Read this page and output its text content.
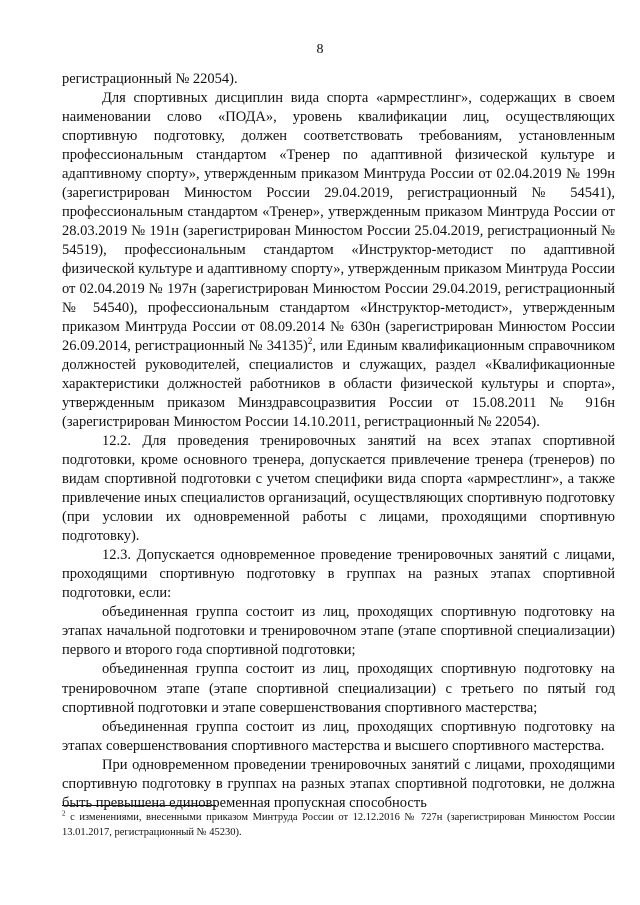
8

регистрационный № 22054).

Для спортивных дисциплин вида спорта «армрестлинг», содержащих в своем наименовании слово «ПОДА», уровень квалификации лиц, осуществляющих спортивную подготовку, должен соответствовать требованиям, установленным профессиональным стандартом «Тренер по адаптивной физической культуре и адаптивному спорту», утвержденным приказом Минтруда России от 02.04.2019 № 199н (зарегистрирован Минюстом России 29.04.2019, регистрационный № 54541), профессиональным стандартом «Тренер», утвержденным приказом Минтруда России от 28.03.2019 № 191н (зарегистрирован Минюстом России 25.04.2019, регистрационный № 54519), профессиональным стандартом «Инструктор-методист по адаптивной физической культуре и адаптивному спорту», утвержденным приказом Минтруда России от 02.04.2019 № 197н (зарегистрирован Минюстом России 29.04.2019, регистрационный № 54540), профессиональным стандартом «Инструктор-методист», утвержденным приказом Минтруда России от 08.09.2014 № 630н (зарегистрирован Минюстом России 26.09.2014, регистрационный № 34135)$^2$, или Единым квалификационным справочником должностей руководителей, специалистов и служащих, раздел «Квалификационные характеристики должностей работников в области физической культуры и спорта», утвержденным приказом Минздравсоцразвития России от 15.08.2011 № 916н (зарегистрирован Минюстом России 14.10.2011, регистрационный № 22054).

12.2. Для проведения тренировочных занятий на всех этапах спортивной подготовки, кроме основного тренера, допускается привлечение тренера (тренеров) по видам спортивной подготовки с учетом специфики вида спорта «армрестлинг», а также привлечение иных специалистов организаций, осуществляющих спортивную подготовку (при условии их одновременной работы с лицами, проходящими спортивную подготовку).

12.3. Допускается одновременное проведение тренировочных занятий с лицами, проходящими спортивную подготовку в группах на разных этапах спортивной подготовки, если:

объединенная группа состоит из лиц, проходящих спортивную подготовку на этапах начальной подготовки и тренировочном этапе (этапе спортивной специализации) первого и второго года спортивной подготовки;

объединенная группа состоит из лиц, проходящих спортивную подготовку на тренировочном этапе (этапе спортивной специализации) с третьего по пятый год спортивной подготовки и этапе совершенствования спортивного мастерства;

объединенная группа состоит из лиц, проходящих спортивную подготовку на этапах совершенствования спортивного мастерства и высшего спортивного мастерства.

При одновременном проведении тренировочных занятий с лицами, проходящими спортивную подготовку в группах на разных этапах спортивной подготовки, не должна быть превышена единовременная пропускная способность

$^2$ с изменениями, внесенными приказом Минтруда России от 12.12.2016 № 727н (зарегистрирован Минюстом России 13.01.2017, регистрационный № 45230).
